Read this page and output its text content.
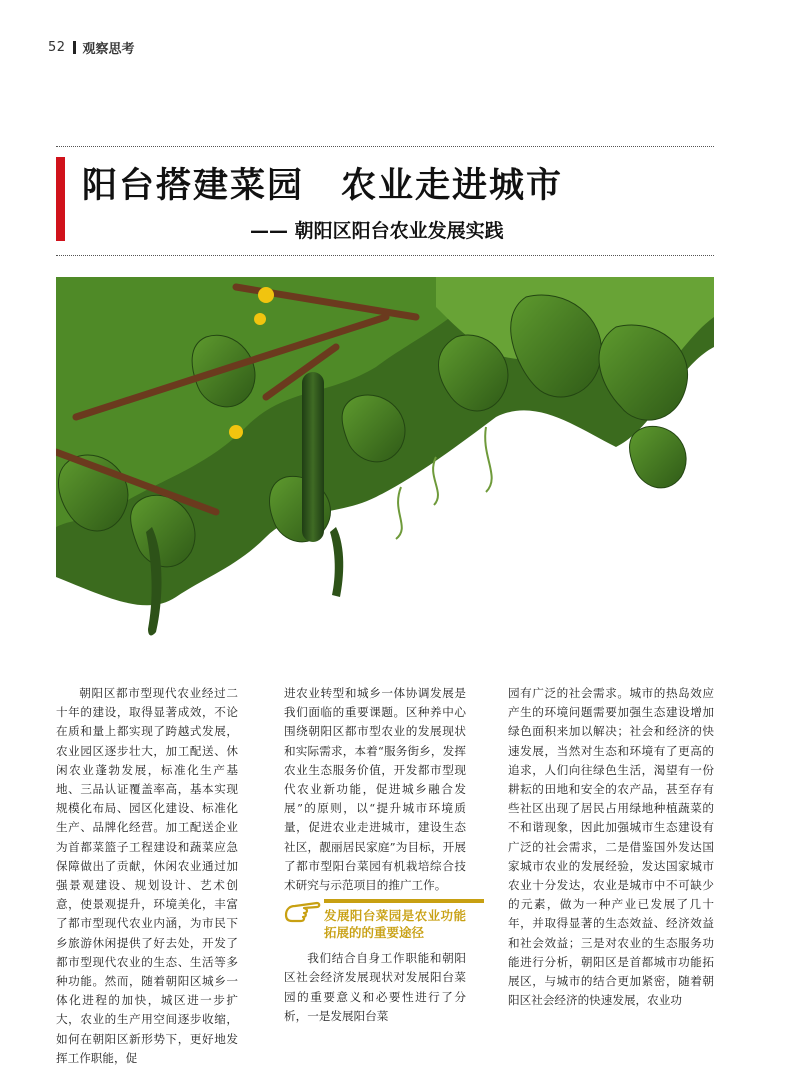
52 观察思考
阳台搭建菜园　农业走进城市
—— 朝阳区阳台农业发展实践

朝阳区都市型现代农业经过二十年的建设，取得显著成效，不论在质和量上都实现了跨越式发展，农业园区逐步壮大，加工配送、休闲农业蓬勃发展，标准化生产基地、三品认证覆盖率高，基本实现规模化布局、园区化建设、标准化生产、品牌化经营。加工配送企业为首都菜篮子工程建设和蔬菜应急保障做出了贡献，休闲农业通过加强景观建设、规划设计、艺术创意，使景观提升，环境美化，丰富了都市型现代农业内涵，为市民下乡旅游休闲提供了好去处，开发了都市型现代农业的生态、生活等多种功能。然而，随着朝阳区城乡一体化进程的加快，城区进一步扩大，农业的生产用空间逐步收缩，如何在朝阳区新形势下，更好地发挥工作职能，促

进农业转型和城乡一体协调发展是我们面临的重要课题。区种养中心围绕朝阳区都市型农业的发展现状和实际需求，本着“服务街乡，发挥农业生态服务价值，开发都市型现代农业新功能，促进城乡融合发展”的原则，以“提升城市环境质量，促进农业走进城市，建设生态社区，靓丽居民家庭”为目标，开展了都市型阳台菜园有机栽培综合技术研究与示范项目的推广工作。

发展阳台菜园是农业功能拓展的的重要途径

我们结合自身工作职能和朝阳区社会经济发展现状对发展阳台菜园的重要意义和必要性进行了分析，一是发展阳台菜

园有广泛的社会需求。城市的热岛效应产生的环境问题需要加强生态建设增加绿色面积来加以解决；社会和经济的快速发展，当然对生态和环境有了更高的追求，人们向往绿色生活，渴望有一份耕耘的田地和安全的农产品，甚至存有些社区出现了居民占用绿地种植蔬菜的不和谐现象，因此加强城市生态建设有广泛的社会需求，二是借鉴国外发达国家城市农业的发展经验，发达国家城市农业十分发达，农业是城市中不可缺少的元素，做为一种产业已发展了几十年，并取得显著的生态效益、经济效益和社会效益；三是对农业的生态服务功能进行分析，朝阳区是首都城市功能拓展区，与城市的结合更加紧密，随着朝阳区社会经济的快速发展，农业功
